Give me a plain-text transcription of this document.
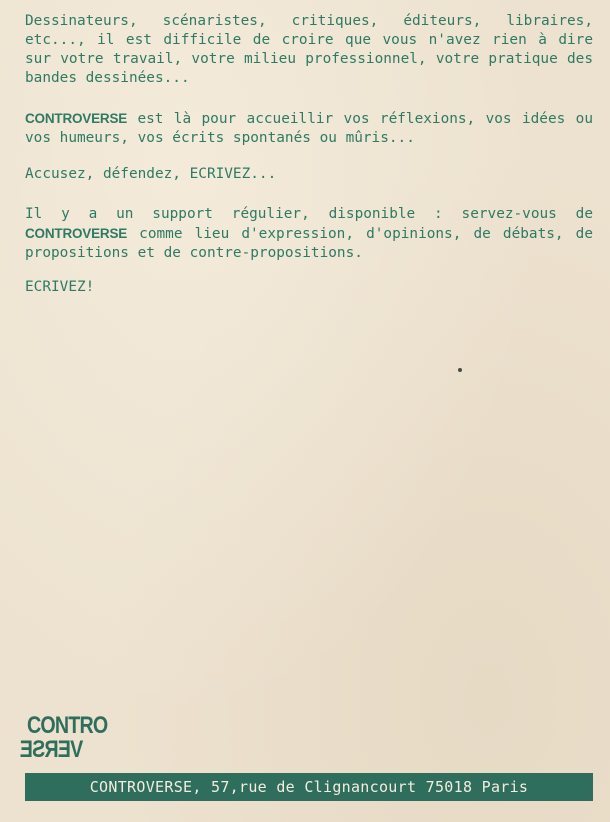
Dessinateurs, scénaristes, critiques, éditeurs, libraires, etc..., il est difficile de croire que vous n'avez rien à dire sur votre travail, votre milieu professionnel, votre pratique des bandes dessinées...
CONTROVERSE est là pour accueillir vos réflexions, vos idées ou vos humeurs, vos écrits spontanés ou mûris...
Accusez, défendez, ECRIVEZ...
Il y a un support régulier, disponible : servez-vous de CONTROVERSE comme lieu d'expression, d'opinions, de débats, de propositions et de contre-propositions.
ECRIVEZ!
CONTRO
VERSE
CONTROVERSE, 57,rue de Clignancourt 75018 Paris
